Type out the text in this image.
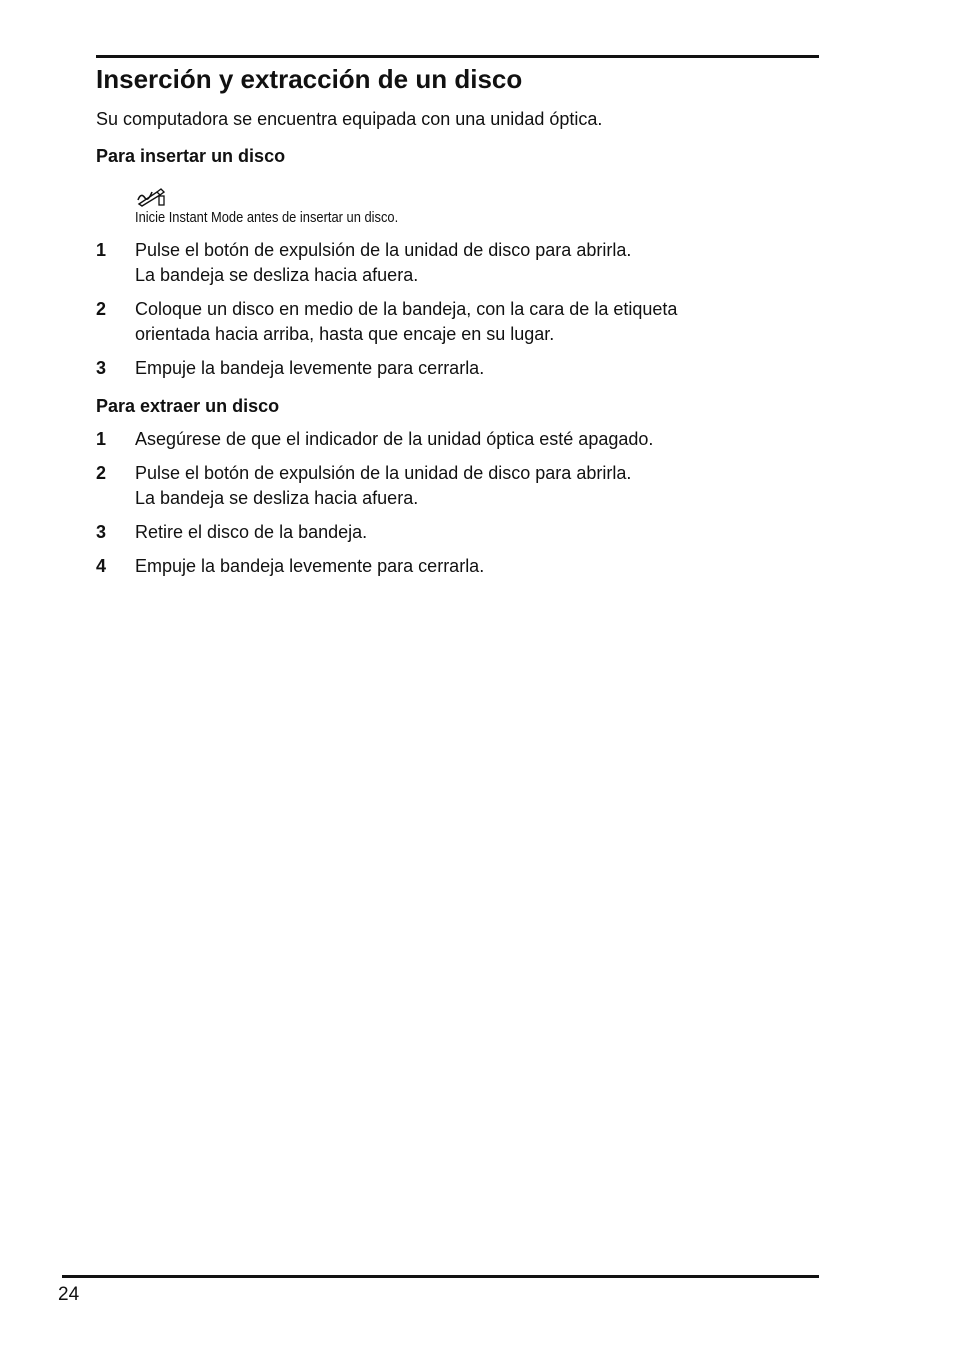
Inserción y extracción de un disco

Su computadora se encuentra equipada con una unidad óptica.

Para insertar un disco

Inicie Instant Mode antes de insertar un disco.
1 Pulse el botón de expulsión de la unidad de disco para abrirla.
La bandeja se desliza hacia afuera.
2 Coloque un disco en medio de la bandeja, con la cara de la etiqueta
orientada hacia arriba, hasta que encaje en su lugar.
3 Empuje la bandeja levemente para cerrarla.

Para extraer un disco

1 Asegúrese de que el indicador de la unidad óptica esté apagado.
2 Pulse el botón de expulsión de la unidad de disco para abrirla.
La bandeja se desliza hacia afuera.
3 Retire el disco de la bandeja.
4 Empuje la bandeja levemente para cerrarla.
24
